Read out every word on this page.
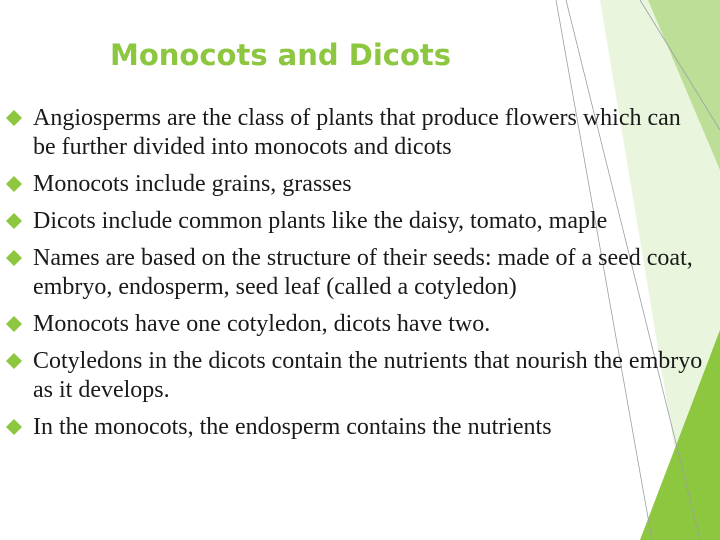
Monocots and Dicots
Angiosperms are the class of plants that produce flowers which can be further divided into monocots and dicots
Monocots include grains, grasses
Dicots include common plants like the daisy, tomato, maple
Names are based on the structure of their seeds: made of a seed coat, embryo, endosperm, seed leaf (called a cotyledon)
Monocots have one cotyledon, dicots have two.
Cotyledons in the dicots contain the nutrients that nourish the embryo as it develops.
In the monocots, the endosperm contains the nutrients
